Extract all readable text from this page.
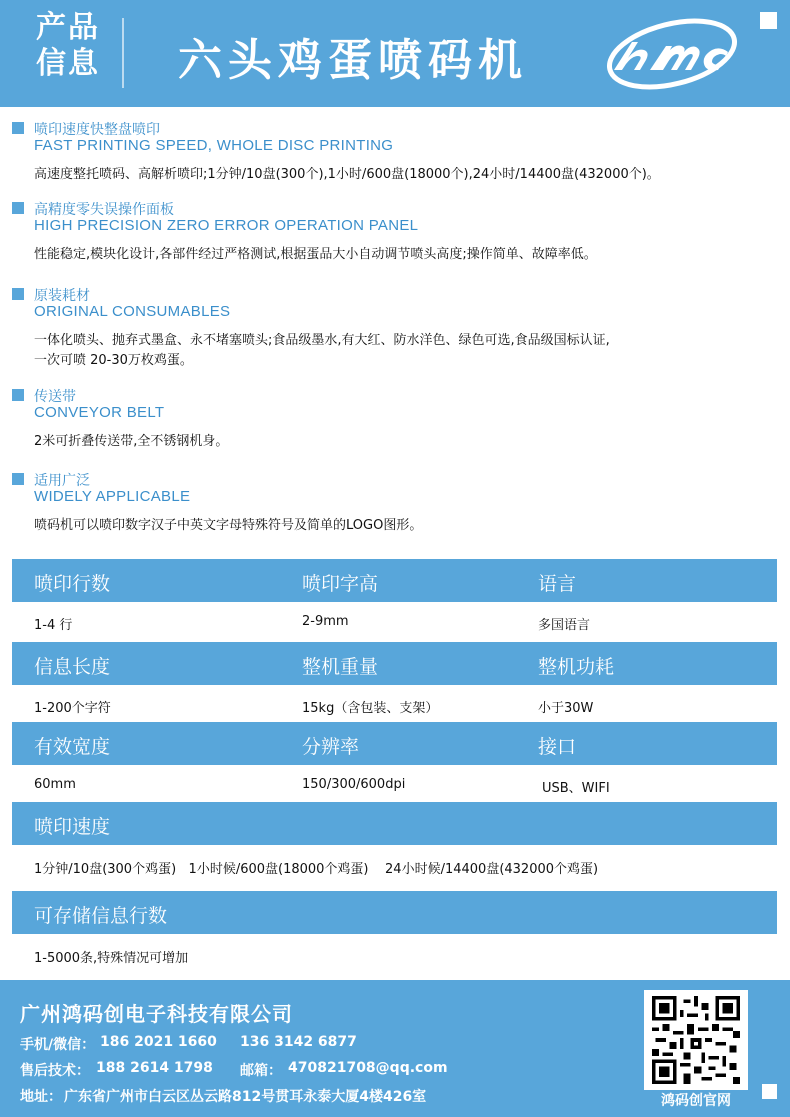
产品
信息 六头鸡蛋喷码机
喷印速度快整盘喷印
FAST PRINTING SPEED, WHOLE DISC PRINTING
高速度整托喷码、高解析喷印;1分钟/10盘(300个),1小时/600盘(18000个),24小时/14400盘(432000个)。
高精度零失误操作面板
HIGH PRECISION ZERO ERROR OPERATION PANEL
性能稳定,模块化设计,各部件经过严格测试,根据蛋品大小自动调节喷头高度;操作简单、故障率低。
原装耗材
ORIGINAL CONSUMABLES
一体化喷头、抛弃式墨盒、永不堵塞喷头;食品级墨水,有大红、防水洋色、绿色可选,食品级国标认证,
一次可喷 20-30万枚鸡蛋。
传送带
CONVEYOR BELT
2米可折叠传送带,全不锈钢机身。
适用广泛
WIDELY APPLICABLE
喷码机可以喷印数字汉子中英文字母特殊符号及简单的LOGO图形。
喷印行数	喷印字高	语言
1-4 行	2-9mm	多国语言
信息长度	整机重量	整机功耗
1-200个字符	15kg（含包装、支架）	小于30W
有效宽度	分辨率	接口
60mm	150/300/600dpi	USB、WIFI
喷印速度
1分钟/10盘(300个鸡蛋)   1小时候/600盘(18000个鸡蛋)    24小时候/14400盘(432000个鸡蛋)
可存储信息行数
1-5000条,特殊情况可增加
广州鸿码创电子科技有限公司
手机/微信： 186 2021 1660 136 3142 6877
售后技术： 188 2614 1798 邮箱： 470821708@qq.com
地址： 广东省广州市白云区丛云路812号贯耳永泰大厦4楼426室	鸿码创官网
